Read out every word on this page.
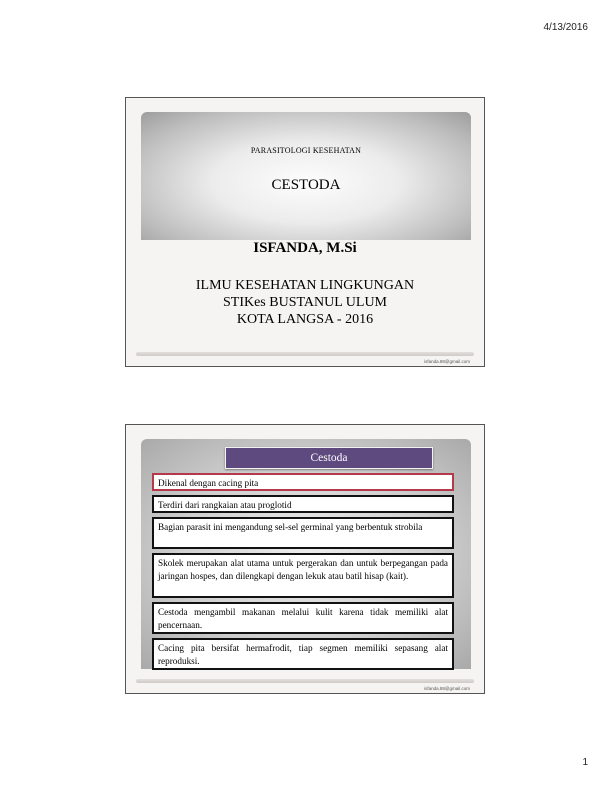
4/13/2016
PARASITOLOGI KESEHATAN
CESTODA
ISFANDA, M.Si
ILMU KESEHATAN LINGKUNGAN
STIKes BUSTANUL ULUM
KOTA LANGSA - 2016
isfanda.88@gmail.com
Cestoda
Dikenal dengan cacing pita
Terdiri dari rangkaian atau proglotid
Bagian parasit ini mengandung sel-sel germinal yang berbentuk strobila
Skolek merupakan alat utama untuk pergerakan dan untuk berpegangan pada jaringan hospes, dan dilengkapi dengan lekuk atau batil hisap (kait).
Cestoda mengambil makanan melalui kulit karena tidak memiliki alat pencernaan.
Cacing pita bersifat hermafrodit, tiap segmen memiliki sepasang alat reproduksi.
isfanda.88@gmail.com
1
